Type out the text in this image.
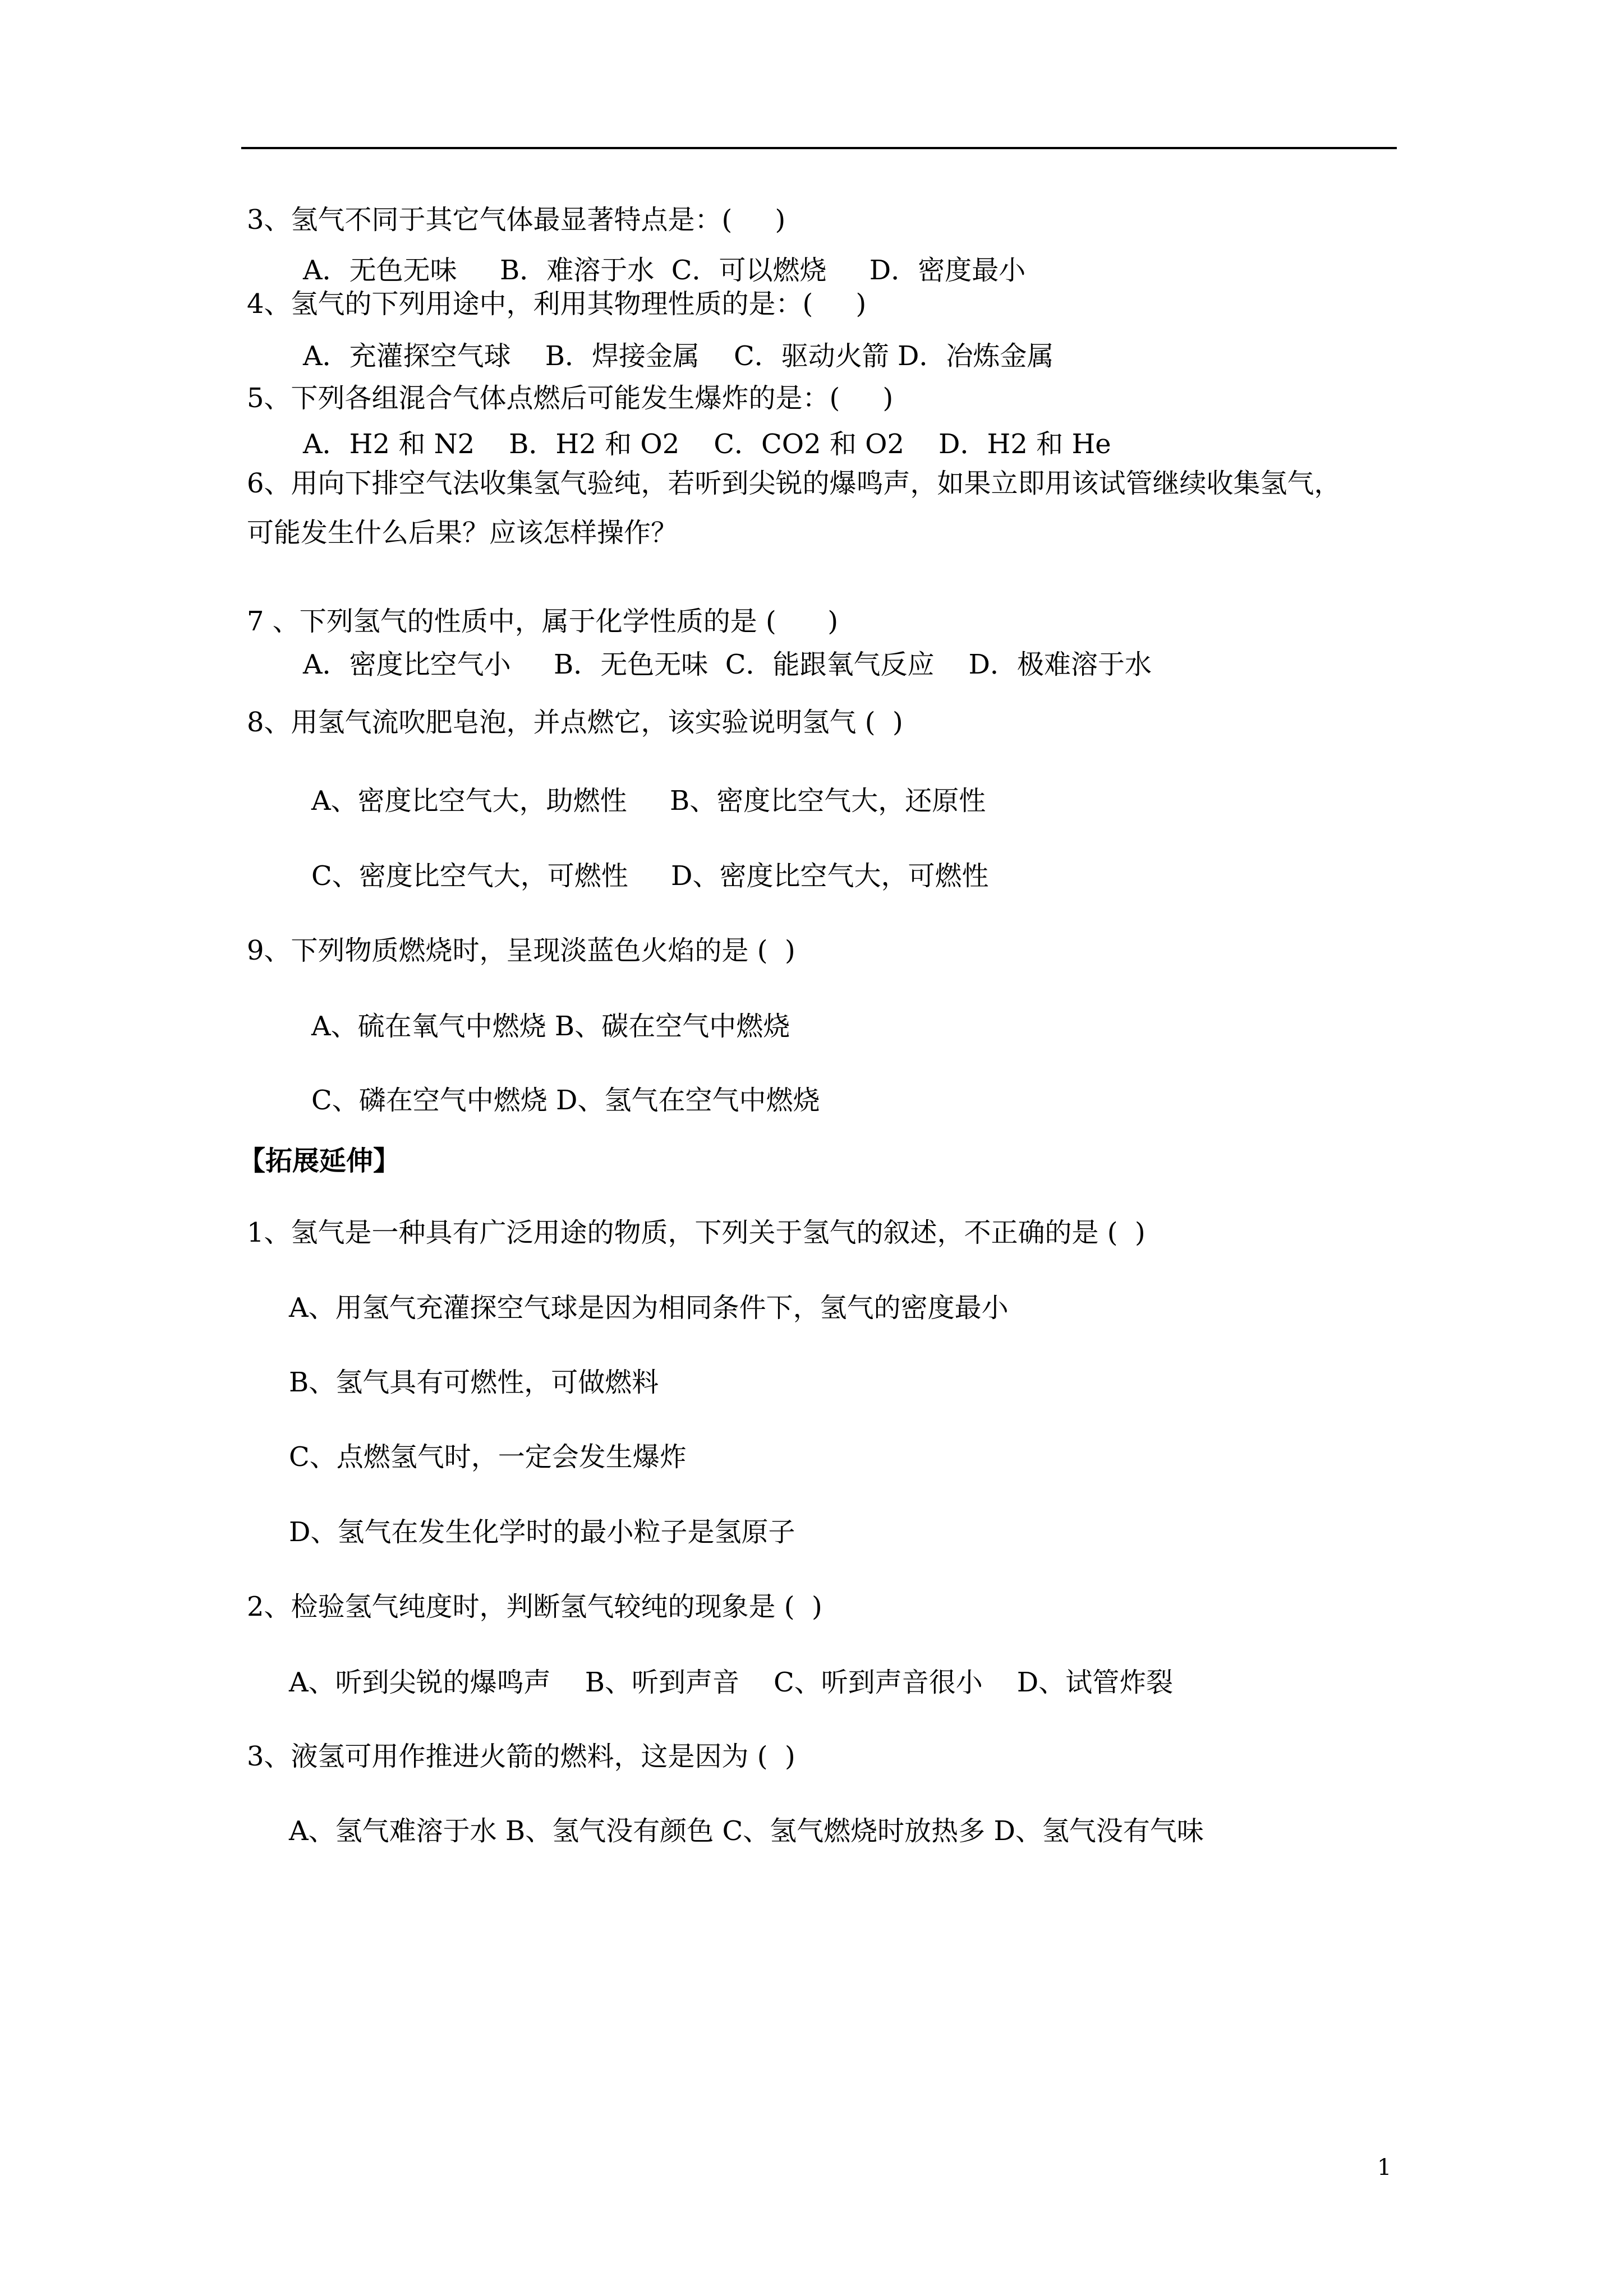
3、氢气不同于其它气体最显著特点是：(     )

A．无色无味     B．难溶于水  C．可以燃烧     D．密度最小

4、氢气的下列用途中，利用其物理性质的是：(     )

A．充灌探空气球    B．焊接金属    C．驱动火箭 D．冶炼金属

5、下列各组混合气体点燃后可能发生爆炸的是：(     )

A．H2 和 N2    B．H2 和 O2    C．CO2 和 O2    D．H2 和 He

6、用向下排空气法收集氢气验纯，若听到尖锐的爆鸣声，如果立即用该试管继续收集氢气，

可能发生什么后果？应该怎样操作？

7 、下列氢气的性质中，属于化学性质的是 (      )

A．密度比空气小     B．无色无味  C．能跟氧气反应    D．极难溶于水

8、用氢气流吹肥皂泡，并点燃它，该实验说明氢气 (  )

A、密度比空气大，助燃性     B、密度比空气大，还原性

C、密度比空气大，可燃性     D、密度比空气大，可燃性

9、下列物质燃烧时，呈现淡蓝色火焰的是 (  )

A、硫在氧气中燃烧 B、碳在空气中燃烧

C、磷在空气中燃烧 D、氢气在空气中燃烧

【拓展延伸】

1、氢气是一种具有广泛用途的物质，下列关于氢气的叙述，不正确的是 (  )

A、用氢气充灌探空气球是因为相同条件下，氢气的密度最小

B、氢气具有可燃性，可做燃料

C、点燃氢气时，一定会发生爆炸

D、氢气在发生化学时的最小粒子是氢原子

2、检验氢气纯度时，判断氢气较纯的现象是 (  )

A、听到尖锐的爆鸣声    B、听到声音    C、听到声音很小    D、试管炸裂

3、液氢可用作推进火箭的燃料，这是因为 (  )

A、氢气难溶于水 B、氢气没有颜色 C、氢气燃烧时放热多 D、氢气没有气味

1
